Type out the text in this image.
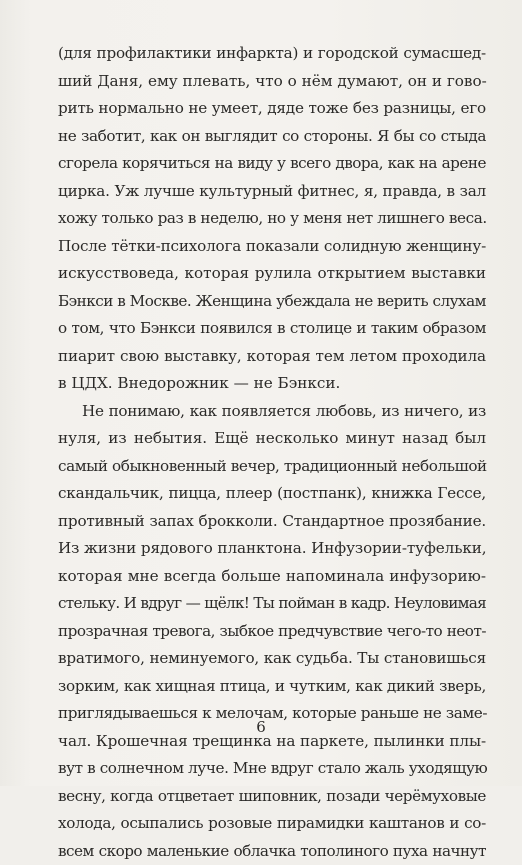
(для профилактики инфаркта) и городской сумасшед-
ший Даня, ему плевать, что о нём думают, он и гово-
рить нормально не умеет, дяде тоже без разницы, его
не заботит, как он выглядит со стороны. Я бы со стыда
сгорела корячиться на виду у всего двора, как на арене
цирка. Уж лучше культурный фитнес, я, правда, в зал
хожу только раз в неделю, но у меня нет лишнего веса.
После тётки-психолога показали солидную женщину-
искусствоведа, которая рулила открытием выставки
Бэнкси в Москве. Женщина убеждала не верить слухам
о том, что Бэнкси появился в столице и таким образом
пиарит свою выставку, которая тем летом проходила
в ЦДХ. Внедорожник — не Бэнкси.
Не понимаю, как появляется любовь, из ничего, из
нуля, из небытия. Ещё несколько минут назад был
самый обыкновенный вечер, традиционный небольшой
скандальчик, пицца, плеер (постпанк), книжка Гессе,
противный запах брокколи. Стандартное прозябание.
Из жизни рядового планктона. Инфузории-туфельки,
которая мне всегда больше напоминала инфузорию-
стельку. И вдруг — щёлк! Ты пойман в кадр. Неуловимая
прозрачная тревога, зыбкое предчувствие чего-то неот-
вратимого, неминуемого, как судьба. Ты становишься
зорким, как хищная птица, и чутким, как дикий зверь,
приглядываешься к мелочам, которые раньше не заме-
чал. Крошечная трещинка на паркете, пылинки плы-
вут в солнечном луче. Мне вдруг стало жаль уходящую
весну, когда отцветает шиповник, позади черёмуховые
холода, осыпались розовые пирамидки каштанов и со-
всем скоро маленькие облачка тополиного пуха начнут
6
